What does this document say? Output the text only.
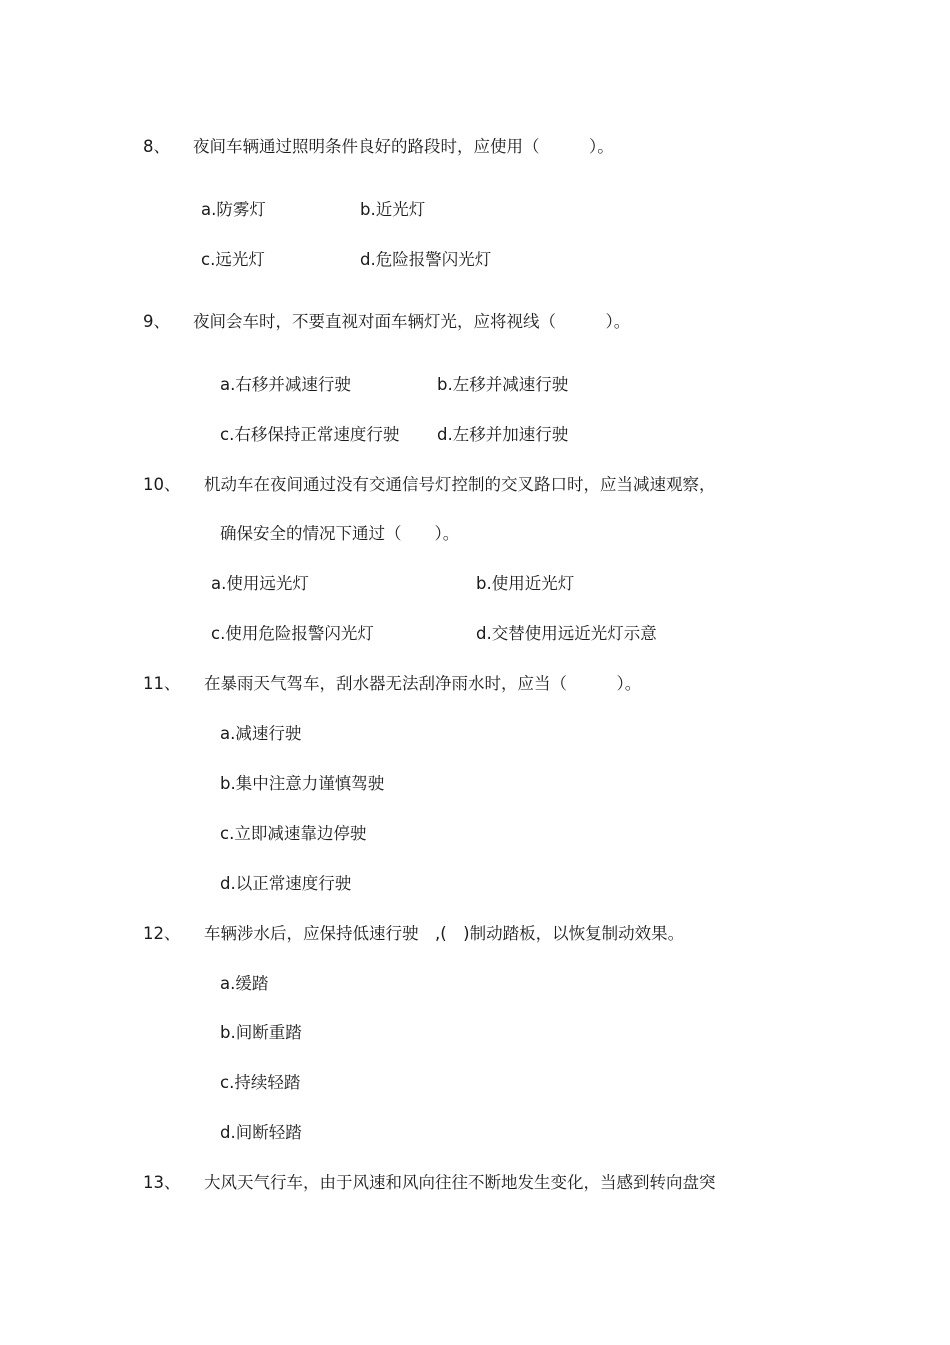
8、 夜间车辆通过照明条件良好的路段时，应使用（　　　）。
a.防雾灯	b.近光灯
c.远光灯	d.危险报警闪光灯
9、 夜间会车时，不要直视对面车辆灯光，应将视线（　　　）。
a.右移并减速行驶	b.左移并减速行驶
c.右移保持正常速度行驶 d.左移并加速行驶
10、 机动车在夜间通过没有交通信号灯控制的交叉路口时，应当减速观察，
确保安全的情况下通过（　　）。
a.使用远光灯	b.使用近光灯
c.使用危险报警闪光灯	d.交替使用远近光灯示意
11、 在暴雨天气驾车，刮水器无法刮净雨水时，应当（　　　）。
a.减速行驶
b.集中注意力谨慎驾驶
c.立即减速靠边停驶
d.以正常速度行驶
12、 车辆涉水后，应保持低速行驶　,(　)制动踏板，以恢复制动效果。
a.缓踏
b.间断重踏
c.持续轻踏
d.间断轻踏
13、 大风天气行车，由于风速和风向往往不断地发生变化，当感到转向盘突
